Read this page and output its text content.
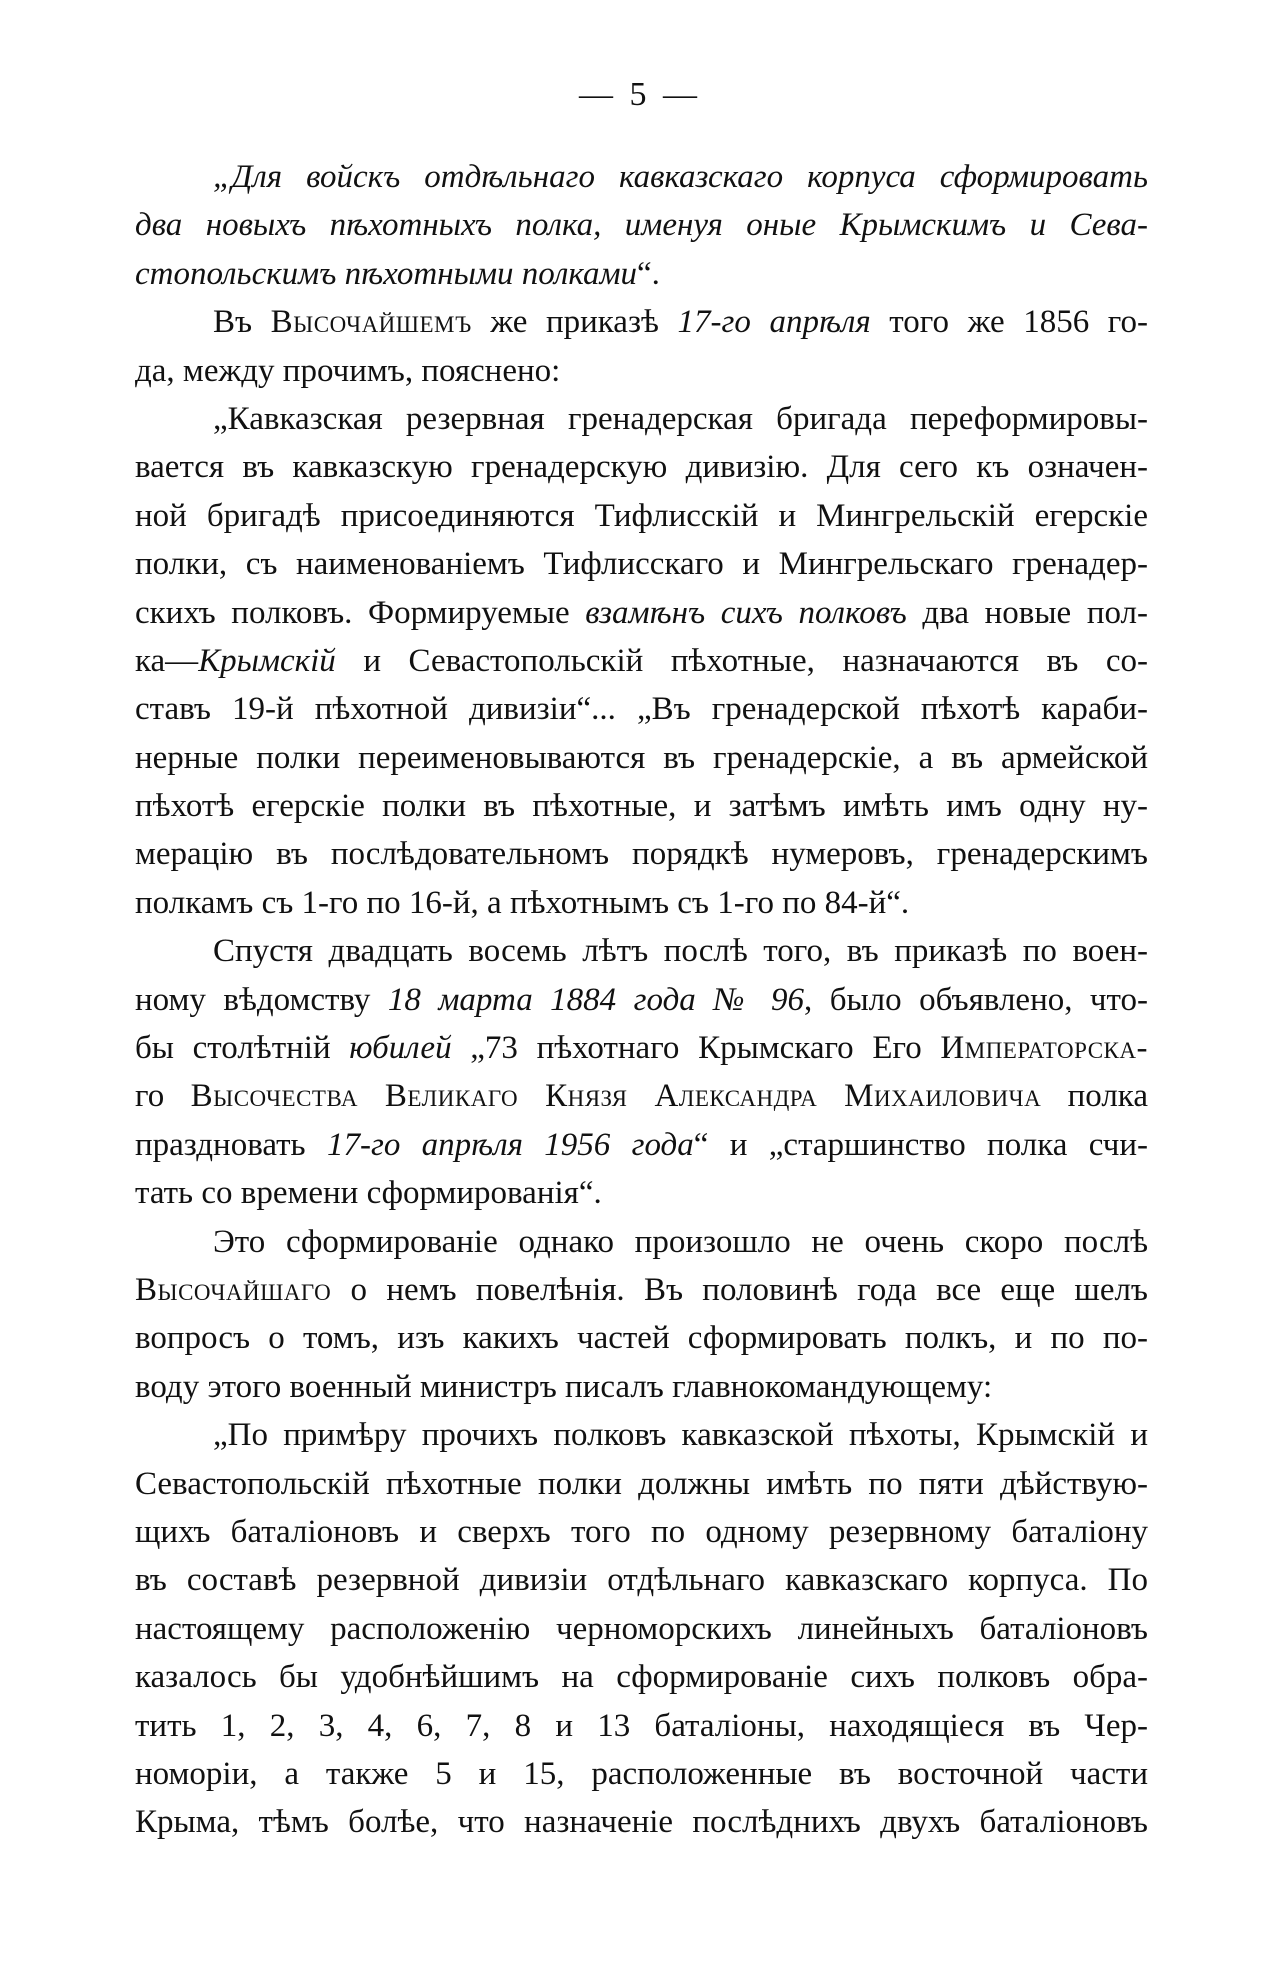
— 5 —
„Для войскъ отдѣльнаго кавказскаго корпуса сформировать
два новыхъ пѣхотныхъ полка, именуя оные Крымскимъ и Сева-
стопольскимъ пѣхотными полками“.
Въ Высочайшемъ же приказѣ 17-го апрѣля того же 1856 го-
да, между прочимъ, пояснено:
„Кавказская резервная гренадерская бригада переформировы-
вается въ кавказскую гренадерскую дивизію. Для сего къ означен-
ной бригадѣ присоединяются Тифлисскій и Мингрельскій егерскіе
полки, съ наименованіемъ Тифлисскаго и Мингрельскаго гренадер-
скихъ полковъ. Формируемые взамѣнъ сихъ полковъ два новые пол-
ка—Крымскій и Севастопольскій пѣхотные, назначаются въ со-
ставъ 19-й пѣхотной дивизіи“... „Въ гренадерской пѣхотѣ караби-
нерные полки переименовываются въ гренадерскіе, а въ армейской
пѣхотѣ егерскіе полки въ пѣхотные, и затѣмъ имѣть имъ одну ну-
мерацію въ послѣдовательномъ порядкѣ нумеровъ, гренадерскимъ
полкамъ съ 1-го по 16-й, а пѣхотнымъ съ 1-го по 84-й“.
Спустя двадцать восемь лѣтъ послѣ того, въ приказѣ по воен-
ному вѣдомству 18 марта 1884 года № 96, было объявлено, что-
бы столѣтній юбилей „73 пѣхотнаго Крымскаго Его Императорска-
го Высочества Великаго Князя Александра Михаиловича полка
праздновать 17-го апрѣля 1956 года“ и „старшинство полка счи-
тать со времени сформированія“.
Это сформированіе однако произошло не очень скоро послѣ
Высочайшаго о немъ повелѣнія. Въ половинѣ года все еще шелъ
вопросъ о томъ, изъ какихъ частей сформировать полкъ, и по по-
воду этого военный министръ писалъ главнокомандующему:
„По примѣру прочихъ полковъ кавказской пѣхоты, Крымскій и
Севастопольскій пѣхотные полки должны имѣть по пяти дѣйствую-
щихъ баталіоновъ и сверхъ того по одному резервному баталіону
въ составѣ резервной дивизіи отдѣльнаго кавказскаго корпуса. По
настоящему расположенію черноморскихъ линейныхъ баталіоновъ
казалось бы удобнѣйшимъ на сформированіе сихъ полковъ обра-
тить 1, 2, 3, 4, 6, 7, 8 и 13 баталіоны, находящіеся въ Чер-
номоріи, а также 5 и 15, расположенные въ восточной части
Крыма, тѣмъ болѣе, что назначеніе послѣднихъ двухъ баталіоновъ
